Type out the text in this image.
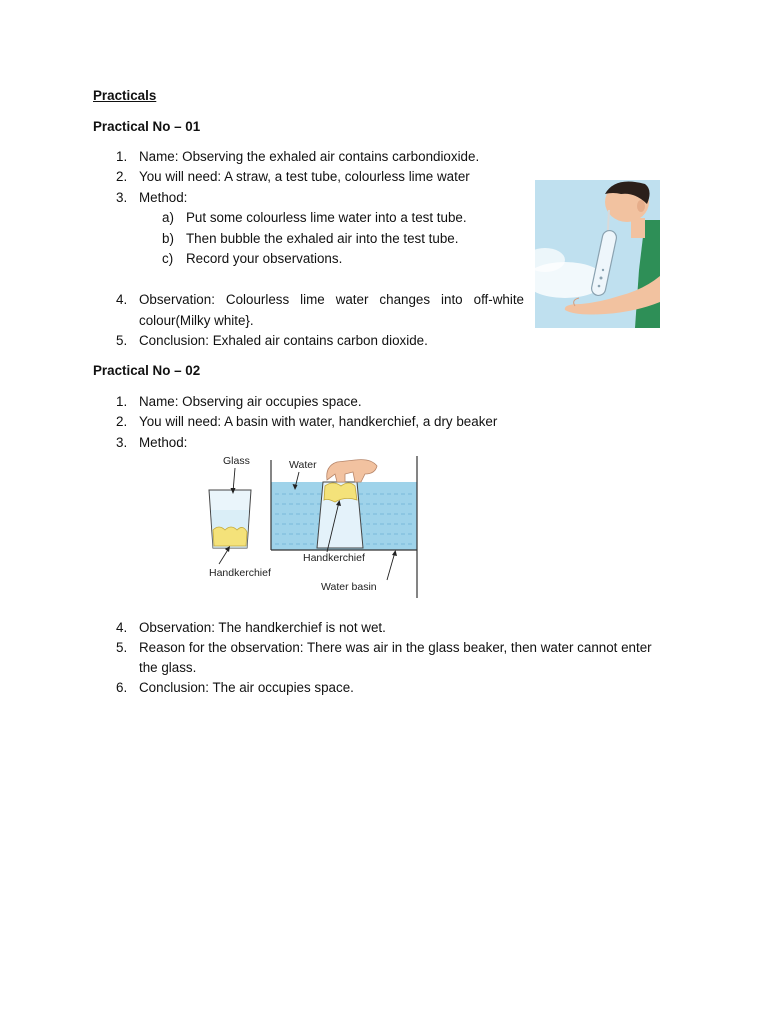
Practicals
Practical No – 01
1. Name: Observing the exhaled air contains carbondioxide.
2. You will need: A straw, a test tube, colourless lime water
3. Method:
a) Put some colourless lime water into a test tube.
b) Then bubble the exhaled air into the test tube.
c) Record your observations.
4. Observation: Colourless lime water changes into off-white
colour(Milky white}.
5. Conclusion: Exhaled air contains carbon dioxide.
Practical No – 02
1. Name: Observing air occupies space.
2. You will need: A basin with water, handkerchief, a dry beaker
3. Method:
Glass
Handkerchief
Water
Handkerchief
Water basin
4. Observation: The handkerchief is not wet.
5. Reason for the observation: There was air in the glass beaker, then water cannot enter
the glass.
6. Conclusion: The air occupies space.
